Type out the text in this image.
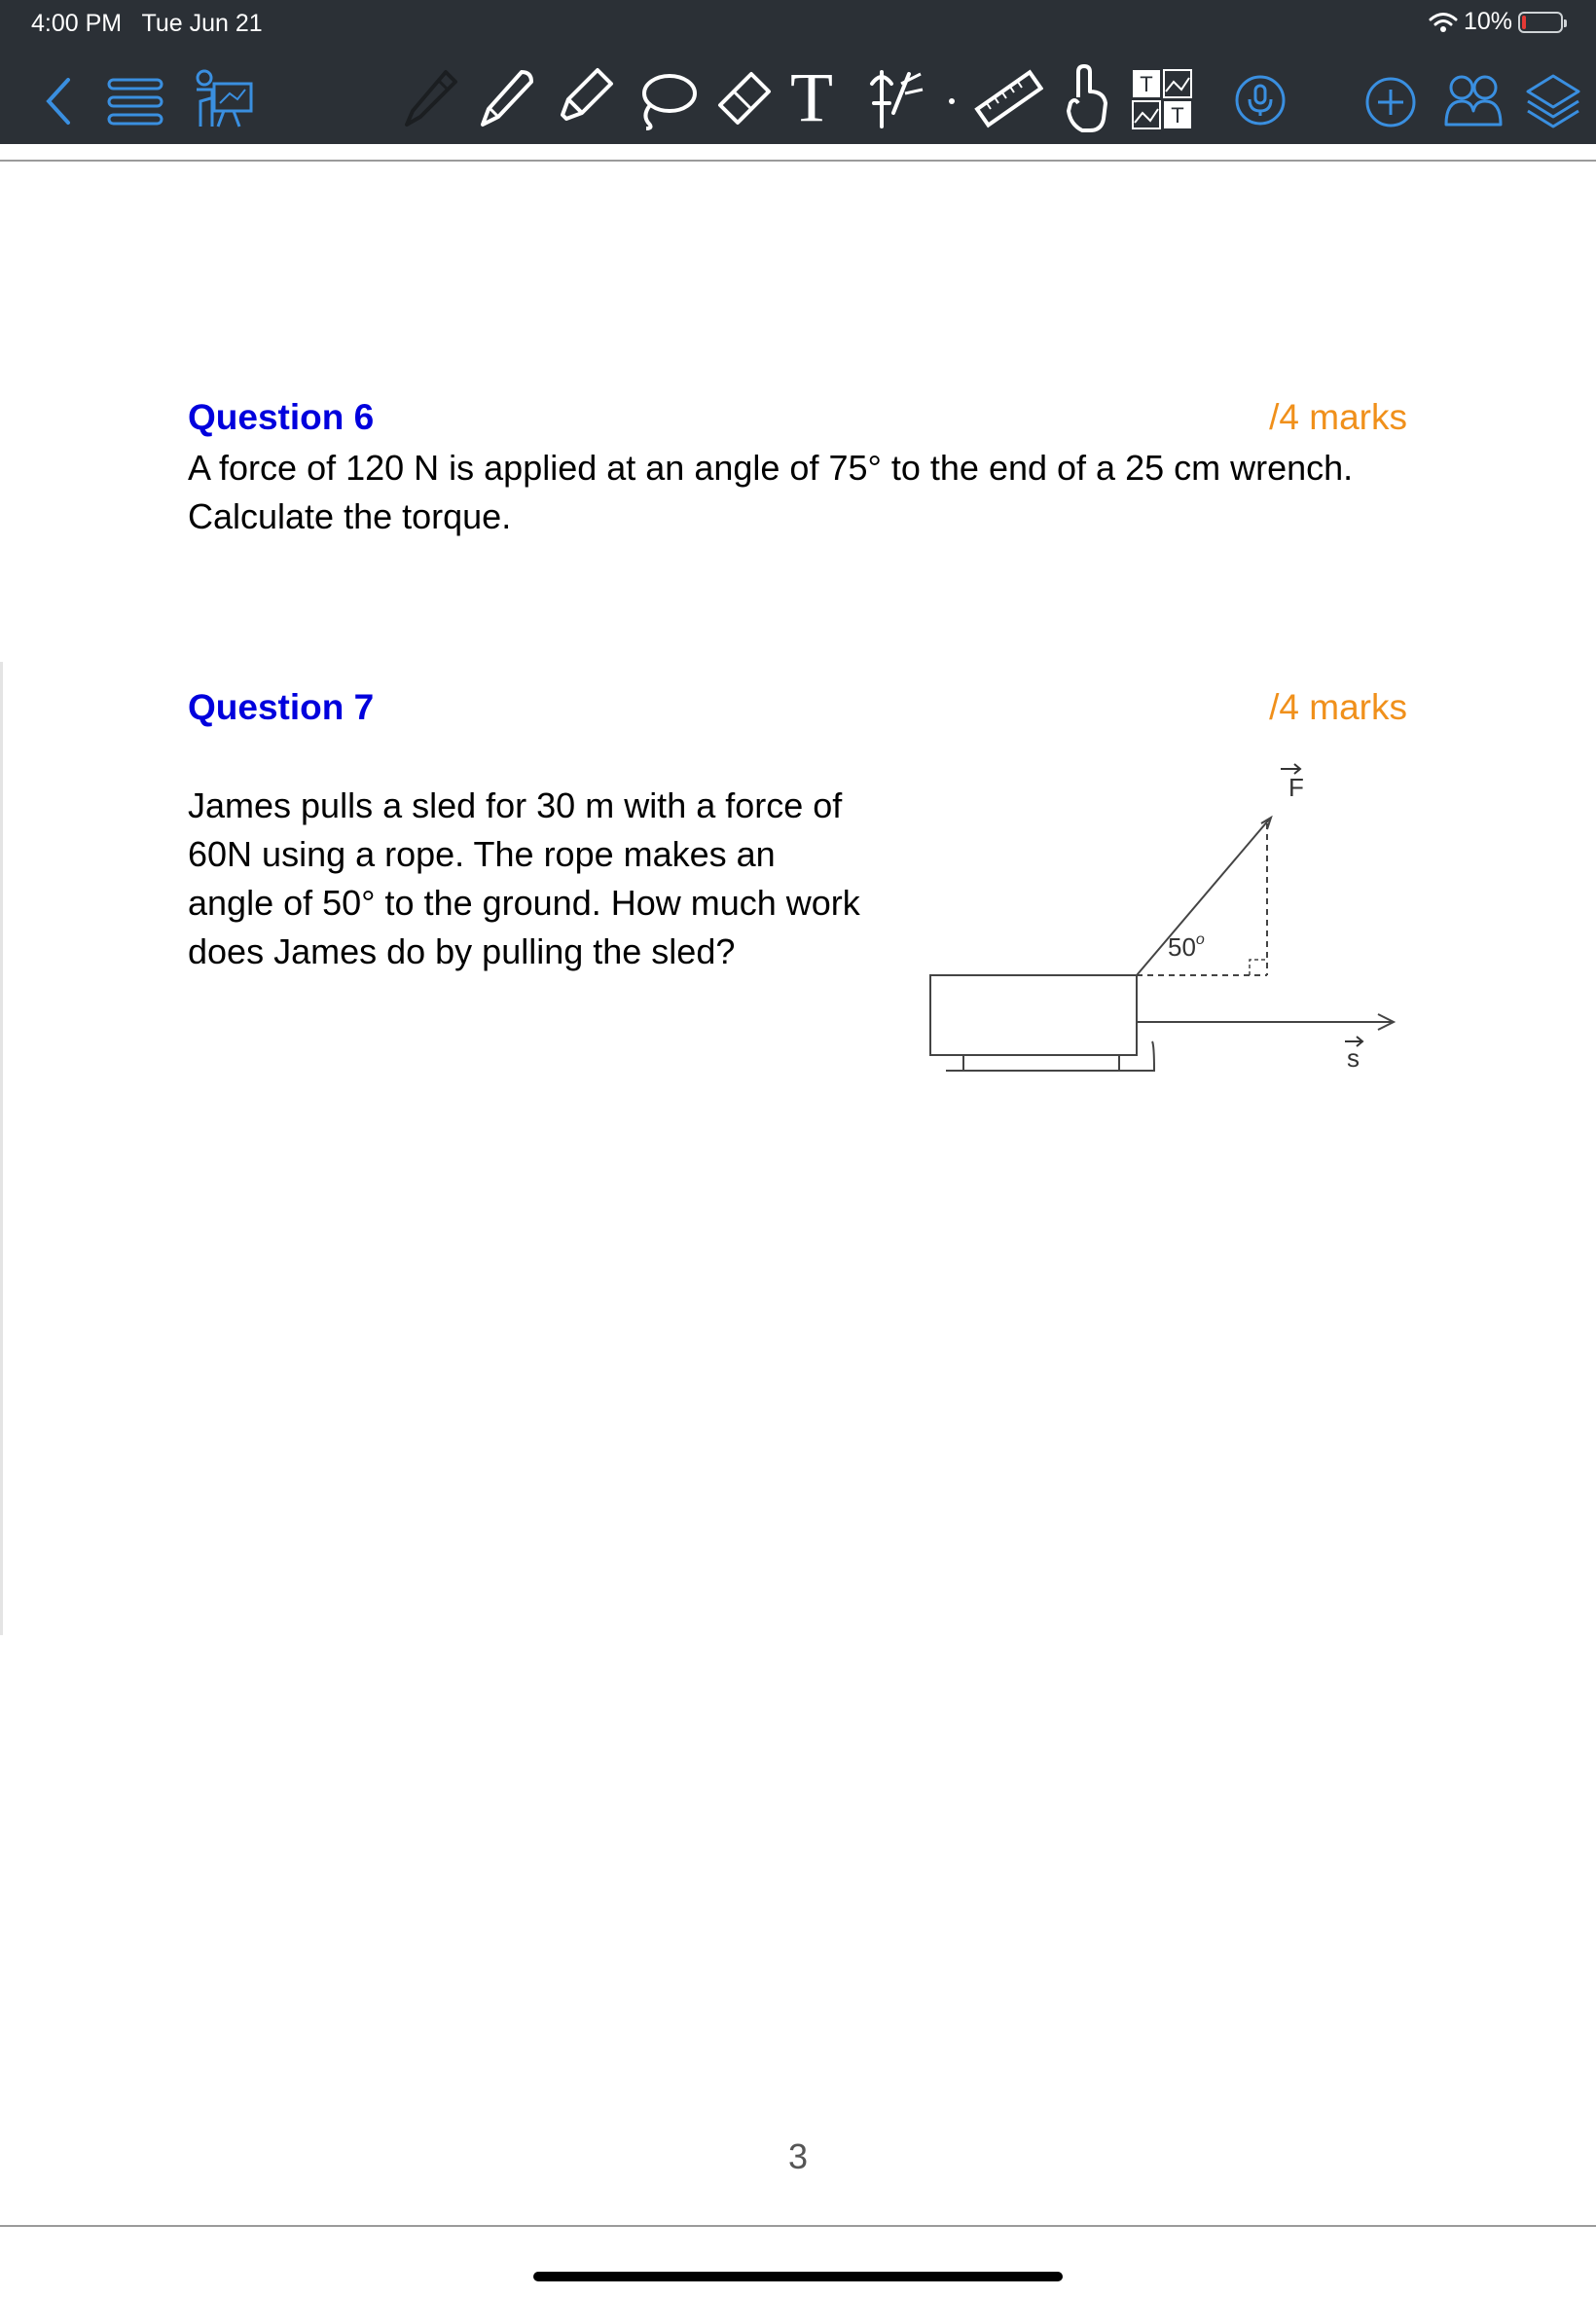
4:00 PM   Tue Jun 21	10%
T	T
T
Question 6	/4 marks
A force of 120 N is applied at an angle of 75° to the end of a 25 cm wrench.
Calculate the torque.
Question 7	/4 marks
James pulls a sled for 30 m with a force of
60N using a rope. The rope makes an
angle of 50° to the ground. How much work
does James do by pulling the sled?	50$^o$
F
s
3
